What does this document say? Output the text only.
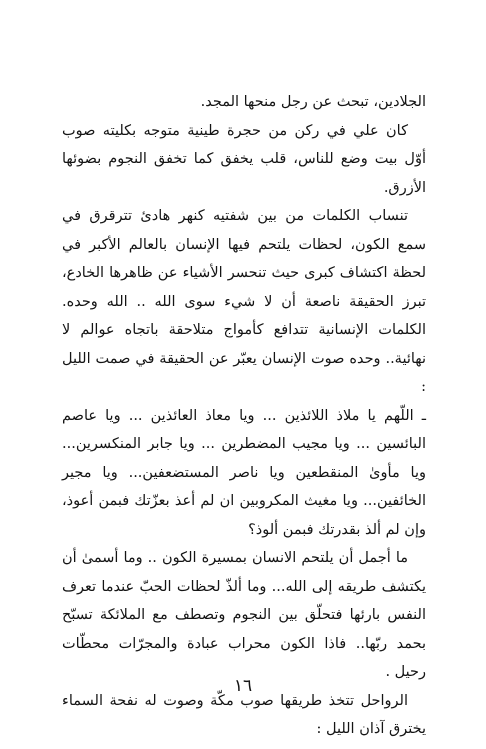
الجلادين، تبحث عن رجل منحها المجد.

كان علي في ركن من حجرة طينية متوجه بكليته صوب أوّل بيت وضع للناس، قلب يخفق كما تخفق النجوم بضوئها الأزرق.

تنساب الكلمات من بين شفتيه كنهر هادئ تترقرق في سمع الكون، لحظات يلتحم فيها الإنسان بالعالم الأكبر في لحظة اكتشاف كبرى حيث تنحسر الأشياء عن ظاهرها الخادع، تبرز الحقيقة ناصعة أن لا شيء سوى الله .. الله وحده. الكلمات الإنسانية تتدافع كأمواج متلاحقة باتجاه عوالم لا نهائية.. وحده صوت الإنسان يعبّر عن الحقيقة في صمت الليل :

ـ اللّهم يا ملاذ اللائذين ... ويا معاذ العائذين ... ويا عاصم البائسين ... ويا مجيب المضطرين ... ويا جابر المنكسرين... ويا مأوىٰ المنقطعين ويا ناصر المستضعفين... ويا مجير الخائفين... ويا مغيث المكروبين ان لم أعذ بعزّتك فبمن أعوذ، وإن لم ألذ بقدرتك فبمن ألوذ؟

ما أجمل أن يلتحم الانسان بمسيرة الكون .. وما أسمىٰ أن يكتشف طريقه إلى الله... وما ألذّ لحظات الحبّ عندما تعرف النفس بارئها فتحلّق بين النجوم وتصطف مع الملائكة تسبّح بحمد ربّها.. فاذا الكون محراب عبادة والمجرّات محطّات رحيل .

الرواحل تتخذ طريقها صوب مكّة وصوت له نفحة السماء يخترق آذان الليل :

١٦
